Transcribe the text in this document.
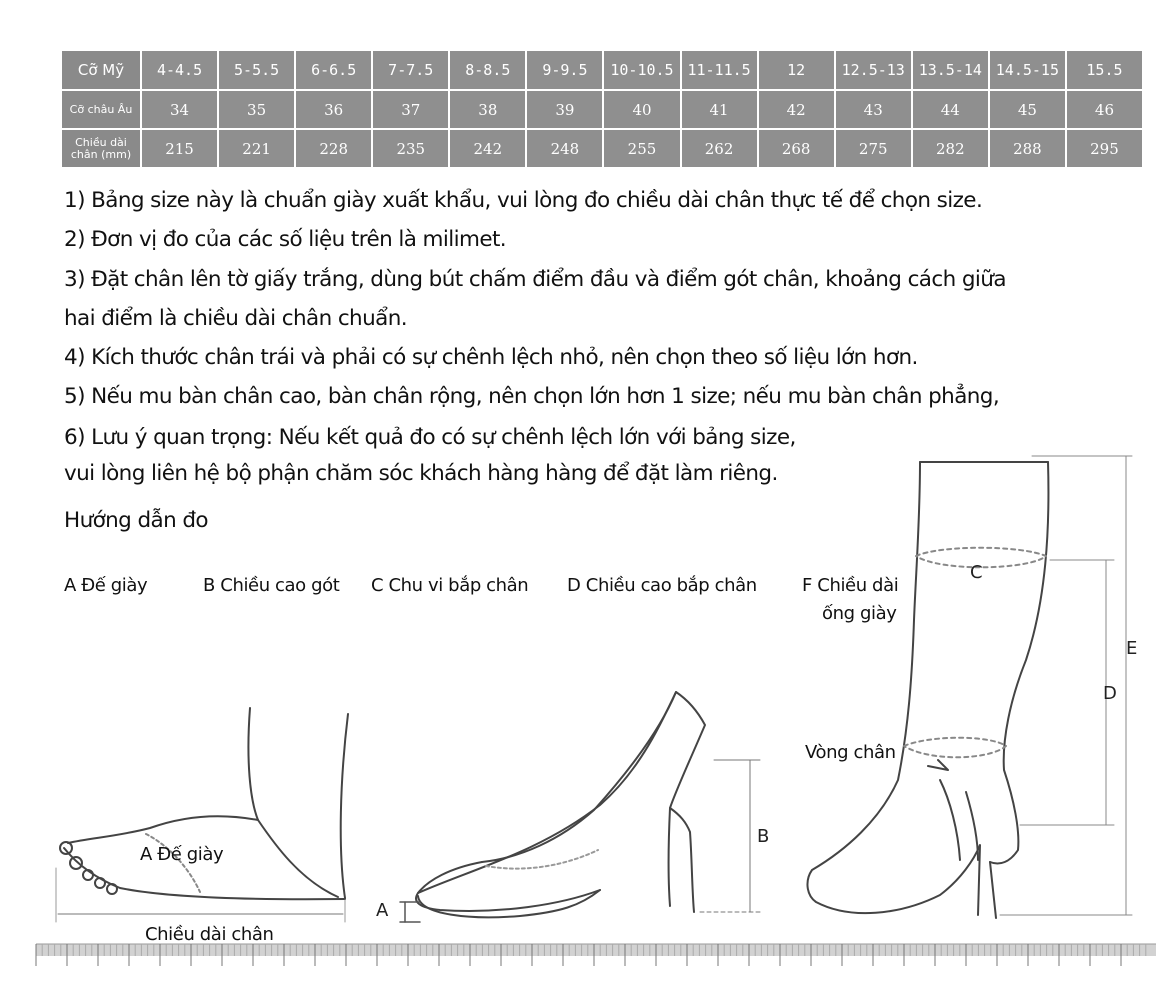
Cỡ Mỹ	4-4.5	5-5.5	6-6.5	7-7.5	8-8.5	9-9.5	10-10.5 11-11.5	12	12.5-13 13.5-14 14.5-15	15.5
Cỡ châu Âu	34	35	36	37	38	39	40	41	42	43	44	45	46
Chiều dài chân (mm)	215	221	228	235	242	248	255	262	268	275	282	288	295
1) Bảng size này là chuẩn giày xuất khẩu, vui lòng đo chiều dài chân thực tế để chọn size.
2) Đơn vị đo của các số liệu trên là milimet.
3) Đặt chân lên tờ giấy trắng, dùng bút chấm điểm đầu và điểm gót chân, khoảng cách giữa
hai điểm là chiều dài chân chuẩn.
4) Kích thước chân trái và phải có sự chênh lệch nhỏ, nên chọn theo số liệu lớn hơn.
5) Nếu mu bàn chân cao, bàn chân rộng, nên chọn lớn hơn 1 size; nếu mu bàn chân phẳng,
6) Lưu ý quan trọng: Nếu kết quả đo có sự chênh lệch lớn với bảng size,
vui lòng liên hệ bộ phận chăm sóc khách hàng hàng để đặt làm riêng.
Hướng dẫn đo
A Đế giày	B Chiều cao gót C Chu vi bắp chân D Chiều cao bắp chân	F Chiều dài
ống giày
A Đế giày
Chiều dài chân
Vòng chân
A
B
C
D
E
